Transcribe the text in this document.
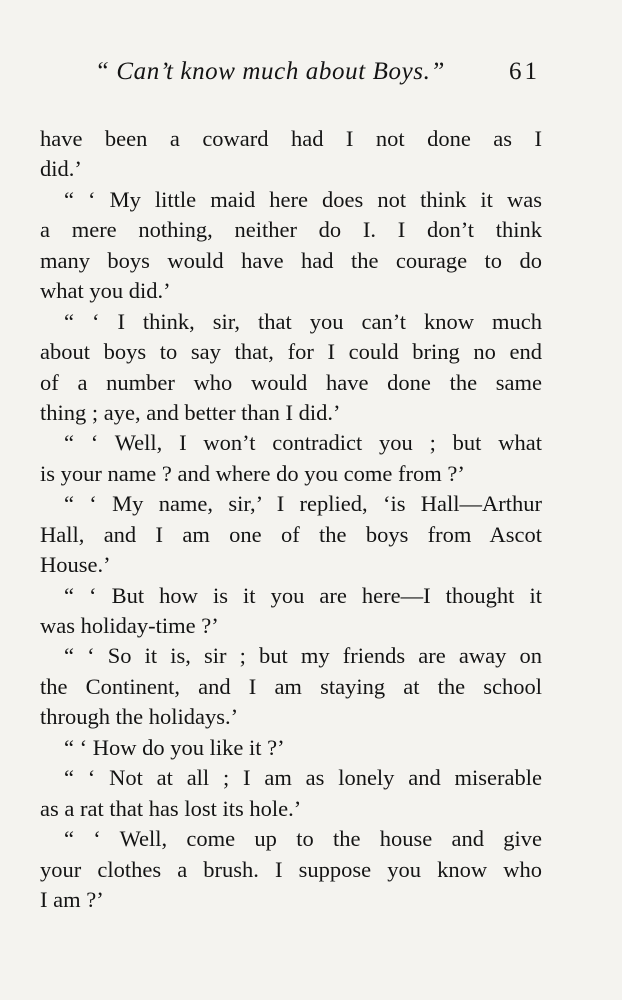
“ Can’t know much about Boys.”	61
have been a coward had I not done as I
did.’
“ ‘ My little maid here does not think it was
a mere nothing, neither do I. I don’t think
many boys would have had the courage to do
what you did.’
“ ‘ I think, sir, that you can’t know much
about boys to say that, for I could bring no end
of a number who would have done the same
thing ; aye, and better than I did.’
“ ‘ Well, I won’t contradict you ; but what
is your name ? and where do you come from ?’
“ ‘ My name, sir,’ I replied, ‘is Hall—Arthur
Hall, and I am one of the boys from Ascot
House.’
“ ‘ But how is it you are here—I thought it
was holiday-time ?’
“ ‘ So it is, sir ; but my friends are away on
the Continent, and I am staying at the school
through the holidays.’
“ ‘ How do you like it ?’
“ ‘ Not at all ; I am as lonely and miserable
as a rat that has lost its hole.’
“ ‘ Well, come up to the house and give
your clothes a brush. I suppose you know who
I am ?’
